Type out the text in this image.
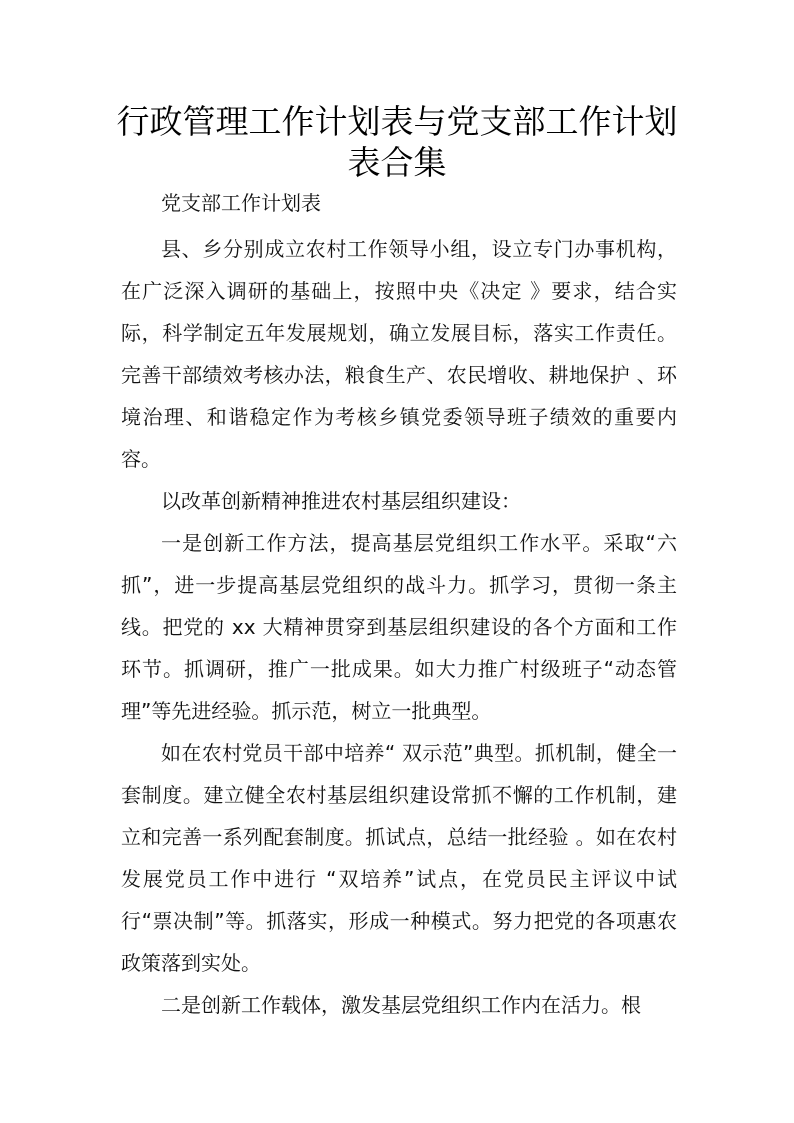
行政管理工作计划表与党支部工作计划
表合集

党支部工作计划表

县、乡分别成立农村工作领导小组，设立专门办事机构，在广泛深入调研的基础上，按照中央《决定 》要求，结合实际，科学制定五年发展规划，确立发展目标，落实工作责任。完善干部绩效考核办法，粮食生产、农民增收、耕地保护 、环境治理、和谐稳定作为考核乡镇党委领导班子绩效的重要内容。

以改革创新精神推进农村基层组织建设：

一是创新工作方法，提高基层党组织工作水平。采取“六抓”，进一步提高基层党组织的战斗力。抓学习，贯彻一条主线。把党的 xx 大精神贯穿到基层组织建设的各个方面和工作环节。抓调研，推广一批成果。如大力推广村级班子“动态管理”等先进经验。抓示范，树立一批典型。

如在农村党员干部中培养“ 双示范”典型。抓机制，健全一套制度。建立健全农村基层组织建设常抓不懈的工作机制，建立和完善一系列配套制度。抓试点，总结一批经验 。如在农村发展党员工作中进行 “双培养”试点，在党员民主评议中试行“票决制”等。抓落实，形成一种模式。努力把党的各项惠农政策落到实处。

二是创新工作载体，激发基层党组织工作内在活力。根
